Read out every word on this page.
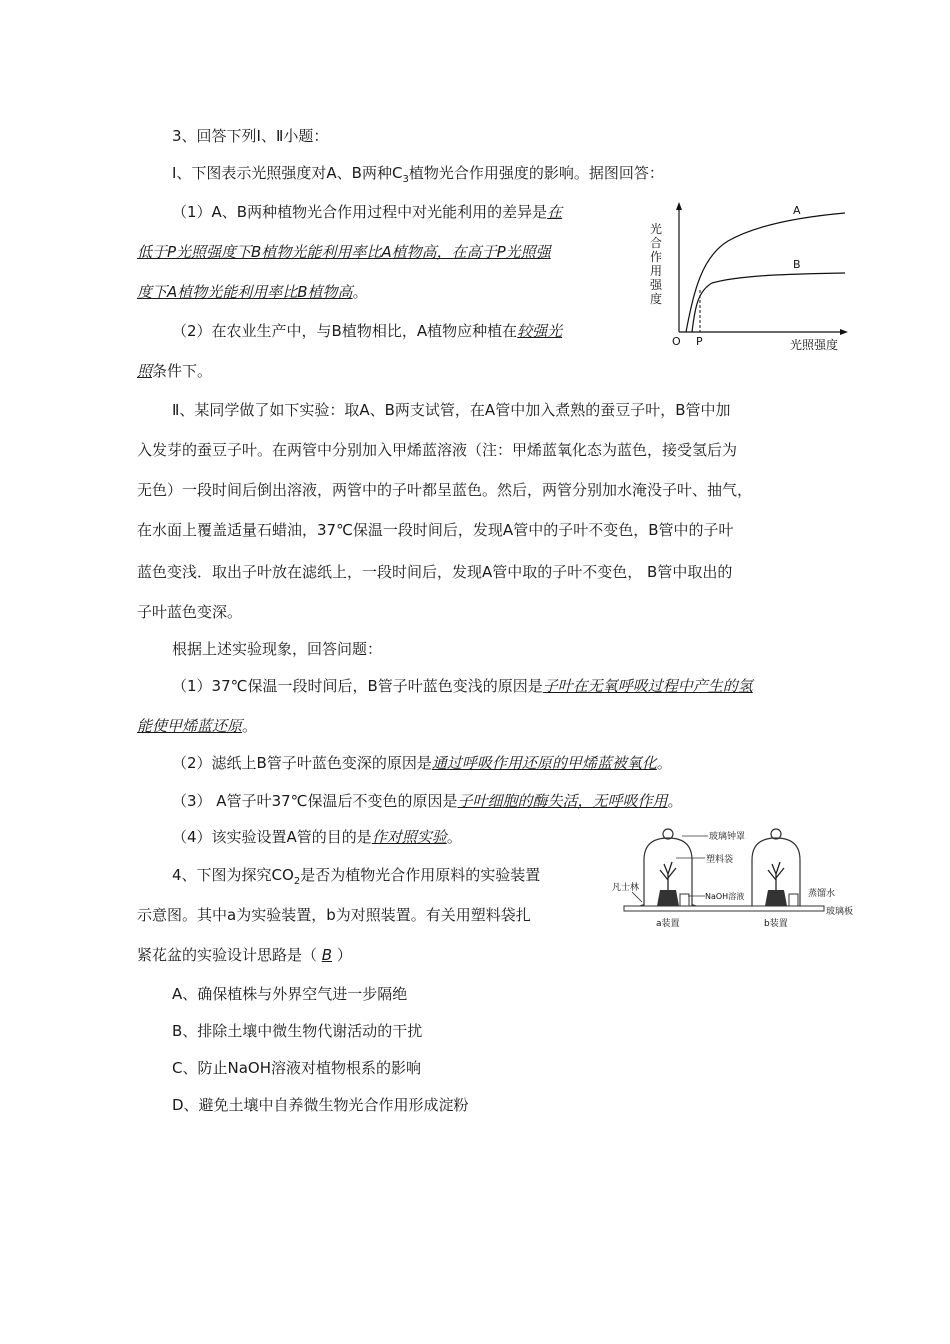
3、回答下列Ⅰ、Ⅱ小题：
Ⅰ、下图表示光照强度对A、B两种$C_3$植物光合作用强度的影响。据图回答：
（1）A、B两种植物光合作用过程中对光能利用的差异是在
低于P光照强度下B植物光能利用率比A植物高，在高于P光照强
度下A植物光能利用率比B植物高。
（2）在农业生产中，与B植物相比，A植物应种植在较强光
照条件下。
光
合
作
用
强
度
A
B
O P	光照强度
Ⅱ、某同学做了如下实验：取A、B两支试管，在A管中加入煮熟的蚕豆子叶，B管中加
入发芽的蚕豆子叶。在两管中分别加入甲烯蓝溶液（注：甲烯蓝氧化态为蓝色，接受氢后为
无色）一段时间后倒出溶液，两管中的子叶都呈蓝色。然后，两管分别加水淹没子叶、抽气，
在水面上覆盖适量石蜡油，37℃保温一段时间后，发现A管中的子叶不变色，B管中的子叶
蓝色变浅．取出子叶放在滤纸上，一段时间后，发现A管中取的子叶不变色， B管中取出的
子叶蓝色变深。
根据上述实验现象，回答问题：
（1）37℃保温一段时间后，B管子叶蓝色变浅的原因是子叶在无氧呼吸过程中产生的氢
能使甲烯蓝还原。
（2）滤纸上B管子叶蓝色变深的原因是通过呼吸作用还原的甲烯蓝被氧化。
（3） A管子叶37℃保温后不变色的原因是子叶细胞的酶失活，无呼吸作用。
（4）该实验设置A管的目的是作对照实验。
4、下图为探究$CO_2$是否为植物光合作用原料的实验装置
示意图。其中a为实验装置，b为对照装置。有关用塑料袋扎
紧花盆的实验设计思路是（ B ）
玻璃钟罩
塑料袋
NaOH溶液
凡士林
蒸馏水
玻璃板
a装置	b装置
A、确保植株与外界空气进一步隔绝
B、排除土壤中微生物代谢活动的干扰
C、防止NaOH溶液对植物根系的影响
D、避免土壤中自养微生物光合作用形成淀粉
